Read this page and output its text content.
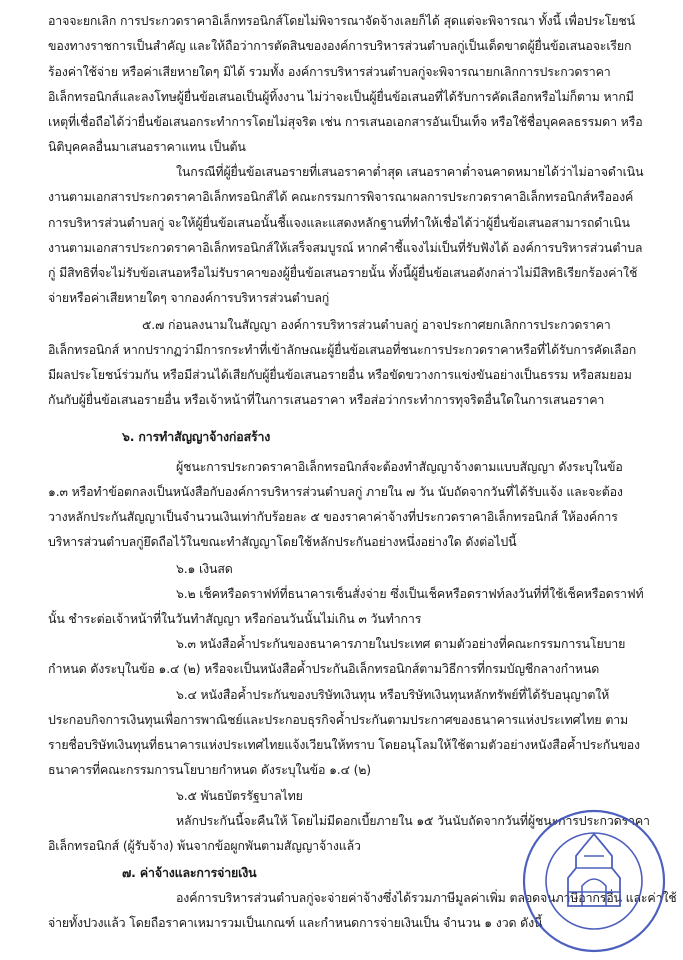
อาจจะยกเลิก การประกวดราคาอิเล็กทรอนิกส์โดยไม่พิจารณาจัดจ้างเลยก็ได้ สุดแต่จะพิจารณา ทั้งนี้ เพื่อประโยชน์
ของทางราชการเป็นสำคัญ และให้ถือว่าการตัดสินขององค์การบริหารส่วนตำบลกู่เป็นเด็ดขาดผู้ยื่นข้อเสนอจะเรียก
ร้องค่าใช้จ่าย หรือค่าเสียหายใดๆ มิได้ รวมทั้ง องค์การบริหารส่วนตำบลกู่จะพิจารณายกเลิกการประกวดราคา
อิเล็กทรอนิกส์และลงโทษผู้ยื่นข้อเสนอเป็นผู้ทิ้งงาน ไม่ว่าจะเป็นผู้ยื่นข้อเสนอที่ได้รับการคัดเลือกหรือไม่ก็ตาม หากมี
เหตุที่เชื่อถือได้ว่ายื่นข้อเสนอกระทำการโดยไม่สุจริต เช่น การเสนอเอกสารอันเป็นเท็จ หรือใช้ชื่อบุคคลธรรมดา หรือ
นิติบุคคลอื่นมาเสนอราคาแทน เป็นต้น
ในกรณีที่ผู้ยื่นข้อเสนอรายที่เสนอราคาต่ำสุด เสนอราคาต่ำจนคาดหมายได้ว่าไม่อาจดำเนิน
งานตามเอกสารประกวดราคาอิเล็กทรอนิกส์ได้ คณะกรรมการพิจารณาผลการประกวดราคาอิเล็กทรอนิกส์หรือองค์
การบริหารส่วนตำบลกู่ จะให้ผู้ยื่นข้อเสนอนั้นชี้แจงและแสดงหลักฐานที่ทำให้เชื่อได้ว่าผู้ยื่นข้อเสนอสามารถดำเนิน
งานตามเอกสารประกวดราคาอิเล็กทรอนิกส์ให้เสร็จสมบูรณ์ หากคำชี้แจงไม่เป็นที่รับฟังได้ องค์การบริหารส่วนตำบล
กู่ มีสิทธิที่จะไม่รับข้อเสนอหรือไม่รับราคาของผู้ยื่นข้อเสนอรายนั้น ทั้งนี้ผู้ยื่นข้อเสนอดังกล่าวไม่มีสิทธิเรียกร้องค่าใช้
จ่ายหรือค่าเสียหายใดๆ จากองค์การบริหารส่วนตำบลกู่
๕.๗ ก่อนลงนามในสัญญา องค์การบริหารส่วนตำบลกู่ อาจประกาศยกเลิกการประกวดราคา
อิเล็กทรอนิกส์ หากปรากฏว่ามีการกระทำที่เข้าลักษณะผู้ยื่นข้อเสนอที่ชนะการประกวดราคาหรือที่ได้รับการคัดเลือก
มีผลประโยชน์ร่วมกัน หรือมีส่วนได้เสียกับผู้ยื่นข้อเสนอรายอื่น หรือขัดขวางการแข่งขันอย่างเป็นธรรม หรือสมยอม
กันกับผู้ยื่นข้อเสนอรายอื่น หรือเจ้าหน้าที่ในการเสนอราคา หรือส่อว่ากระทำการทุจริตอื่นใดในการเสนอราคา
๖. การทำสัญญาจ้างก่อสร้าง
ผู้ชนะการประกวดราคาอิเล็กทรอนิกส์จะต้องทำสัญญาจ้างตามแบบสัญญา ดังระบุในข้อ
๑.๓ หรือทำข้อตกลงเป็นหนังสือกับองค์การบริหารส่วนตำบลกู่ ภายใน ๗ วัน นับถัดจากวันที่ได้รับแจ้ง และจะต้อง
วางหลักประกันสัญญาเป็นจำนวนเงินเท่ากับร้อยละ ๕ ของราคาค่าจ้างที่ประกวดราคาอิเล็กทรอนิกส์ ให้องค์การ
บริหารส่วนตำบลกู่ยึดถือไว้ในขณะทำสัญญาโดยใช้หลักประกันอย่างหนึ่งอย่างใด ดังต่อไปนี้
๖.๑ เงินสด
๖.๒ เช็คหรือดราฟท์ที่ธนาคารเซ็นสั่งจ่าย ซึ่งเป็นเช็คหรือดราฟท์ลงวันที่ที่ใช้เช็คหรือดราฟท์
นั้น ชำระต่อเจ้าหน้าที่ในวันทำสัญญา หรือก่อนวันนั้นไม่เกิน ๓ วันทำการ
๖.๓ หนังสือค้ำประกันของธนาคารภายในประเทศ ตามตัวอย่างที่คณะกรรมการนโยบาย
กำหนด ดังระบุในข้อ ๑.๔ (๒) หรือจะเป็นหนังสือค้ำประกันอิเล็กทรอนิกส์ตามวิธีการที่กรมบัญชีกลางกำหนด
๖.๔ หนังสือค้ำประกันของบริษัทเงินทุน หรือบริษัทเงินทุนหลักทรัพย์ที่ได้รับอนุญาตให้
ประกอบกิจการเงินทุนเพื่อการพาณิชย์และประกอบธุรกิจค้ำประกันตามประกาศของธนาคารแห่งประเทศไทย ตาม
รายชื่อบริษัทเงินทุนที่ธนาคารแห่งประเทศไทยแจ้งเวียนให้ทราบ โดยอนุโลมให้ใช้ตามตัวอย่างหนังสือค้ำประกันของ
ธนาคารที่คณะกรรมการนโยบายกำหนด ดังระบุในข้อ ๑.๔ (๒)
๖.๕ พันธบัตรรัฐบาลไทย
หลักประกันนี้จะคืนให้ โดยไม่มีดอกเบี้ยภายใน ๑๕ วันนับถัดจากวันที่ผู้ชนะการประกวดราคา
อิเล็กทรอนิกส์ (ผู้รับจ้าง) พ้นจากข้อผูกพันตามสัญญาจ้างแล้ว
๗. ค่าจ้างและการจ่ายเงิน
องค์การบริหารส่วนตำบลกู่จะจ่ายค่าจ้างซึ่งได้รวมภาษีมูลค่าเพิ่ม ตลอดจนภาษีอากรอื่น และค่าใช้
จ่ายทั้งปวงแล้ว โดยถือราคาเหมารวมเป็นเกณฑ์ และกำหนดการจ่ายเงินเป็น จำนวน ๑ งวด ดังนี้
